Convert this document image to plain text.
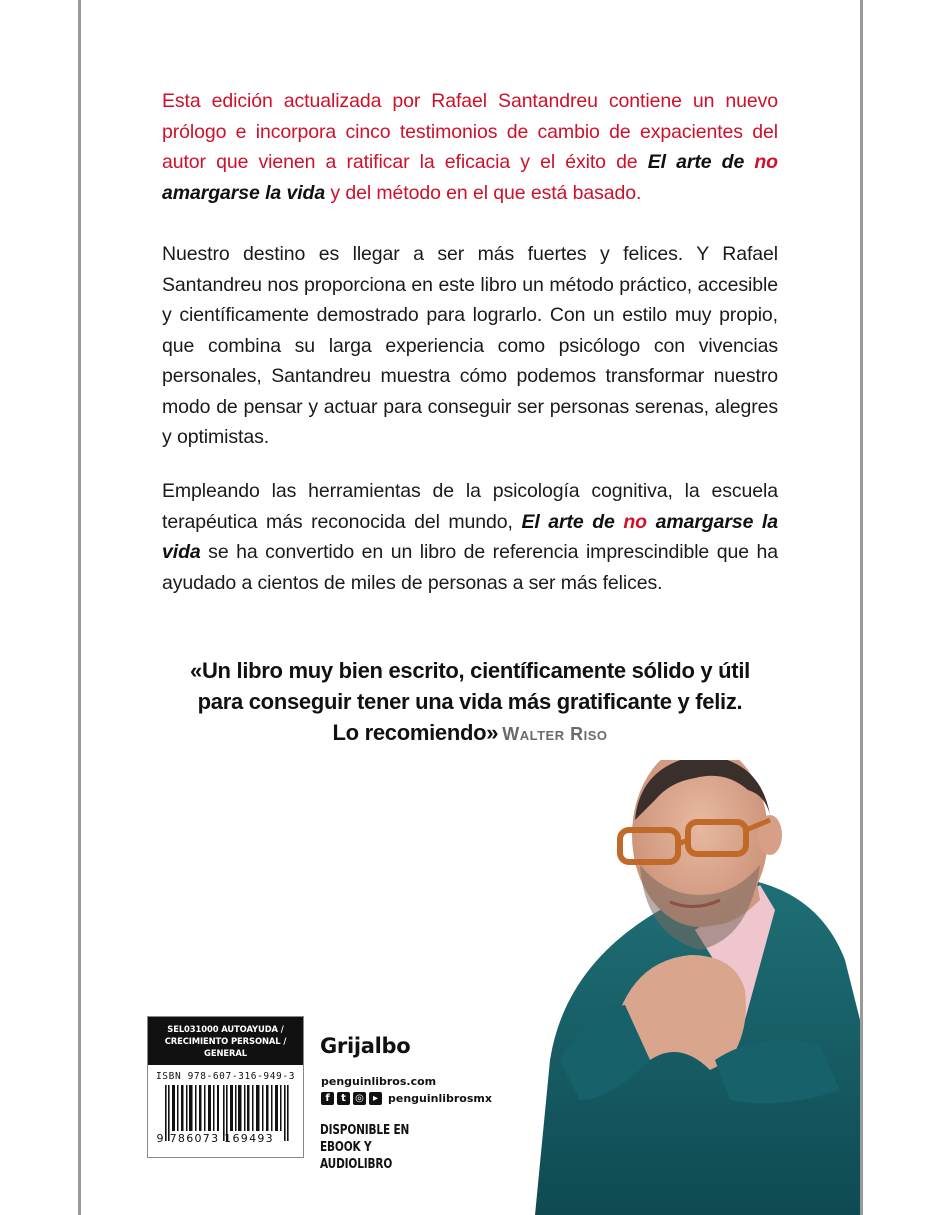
Esta edición actualizada por Rafael Santandreu contiene un nuevo prólogo e incorpora cinco testimonios de cambio de expacientes del autor que vienen a ratificar la eficacia y el éxito de El arte de no amargarse la vida y del método en el que está basado.

Nuestro destino es llegar a ser más fuertes y felices. Y Rafael Santandreu nos proporciona en este libro un método práctico, accesible y científicamente demostrado para lograrlo. Con un estilo muy propio, que combina su larga experiencia como psicólogo con vivencias personales, Santandreu muestra cómo podemos transformar nuestro modo de pensar y actuar para conseguir ser personas serenas, alegres y optimistas.

Empleando las herramientas de la psicología cognitiva, la escuela terapéutica más reconocida del mundo, El arte de no amargarse la vida se ha convertido en un libro de referencia imprescindible que ha ayudado a cientos de miles de personas a ser más felices.

«Un libro muy bien escrito, científicamente sólido y útil
para conseguir tener una vida más gratificante y feliz.
Lo recomiendo» Walter Riso
SEL031000 AUTOAYUDA / CRECIMIENTO PERSONAL / GENERAL
ISBN 978-607-316-949-3
9 786073 169493
Grijalbo
penguinlibros.com
f	t ◎ ▸ penguinlibrosmx
DISPONIBLE EN EBOOK Y AUDIOLIBRO
